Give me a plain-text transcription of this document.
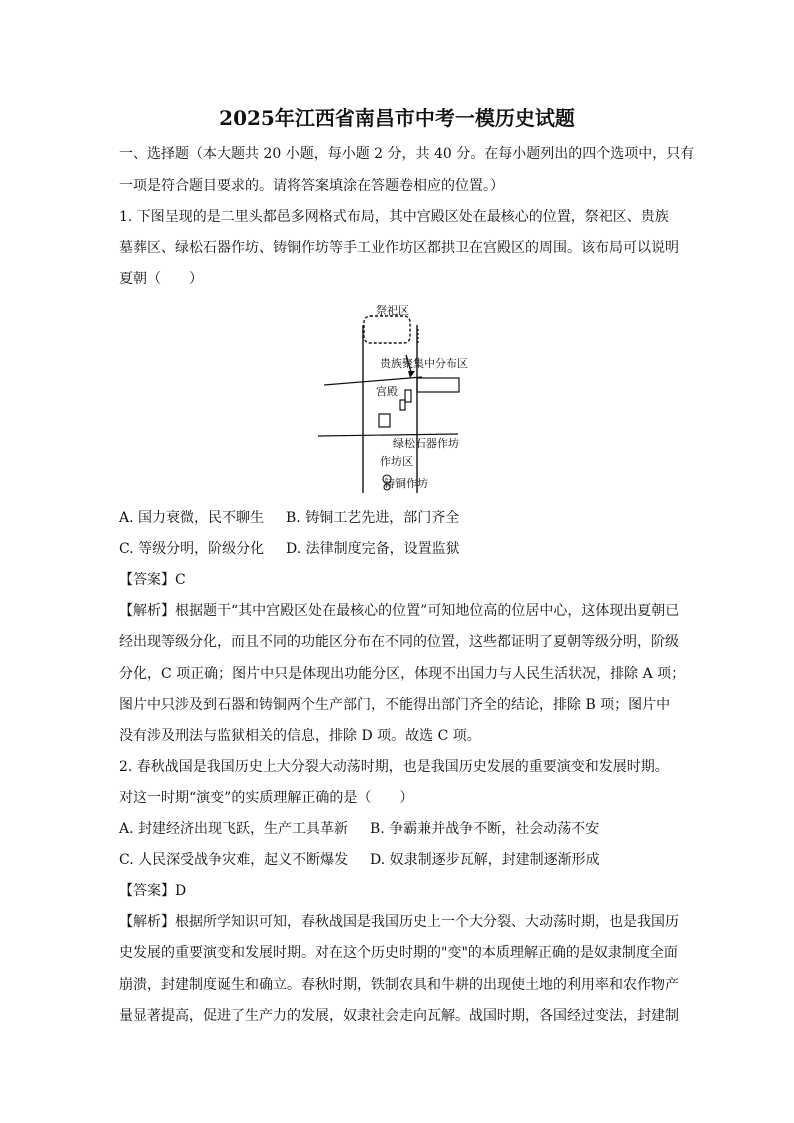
2025年江西省南昌市中考一模历史试题
一、选择题（本大题共 20 小题，每小题 2 分，共 40 分。在每小题列出的四个选项中，只有
一项是符合题目要求的。请将答案填涂在答题卷相应的位置。）
1. 下图呈现的是二里头都邑多网格式布局，其中宫殿区处在最核心的位置，祭祀区、贵族
墓葬区、绿松石器作坊、铸铜作坊等手工业作坊区都拱卫在宫殿区的周围。该布局可以说明
夏朝（　　）
祭祀区
贵族聚集中分布区
宫殿
绿松石器作坊
作坊区
铸铜作坊
A. 国力衰微，民不聊生 B. 铸铜工艺先进，部门齐全
C. 等级分明，阶级分化 D. 法律制度完备，设置监狱
【答案】C
【解析】根据题干“其中宫殿区处在最核心的位置”可知地位高的位居中心，这体现出夏朝已
经出现等级分化，而且不同的功能区分布在不同的位置，这些都证明了夏朝等级分明，阶级
分化，C 项正确；图片中只是体现出功能分区，体现不出国力与人民生活状况，排除 A 项；
图片中只涉及到石器和铸铜两个生产部门，不能得出部门齐全的结论，排除 B 项；图片中
没有涉及刑法与监狱相关的信息，排除 D 项。故选 C 项。
2. 春秋战国是我国历史上大分裂大动荡时期，也是我国历史发展的重要演变和发展时期。
对这一时期“演变”的实质理解正确的是（　　）
A. 封建经济出现飞跃，生产工具革新 B. 争霸兼并战争不断，社会动荡不安
C. 人民深受战争灾难，起义不断爆发 D. 奴隶制逐步瓦解，封建制逐渐形成
【答案】D
【解析】根据所学知识可知，春秋战国是我国历史上一个大分裂、大动荡时期，也是我国历
史发展的重要演变和发展时期。对在这个历史时期的"变"的本质理解正确的是奴隶制度全面
崩溃，封建制度诞生和确立。春秋时期，铁制农具和牛耕的出现使土地的利用率和农作物产
量显著提高，促进了生产力的发展，奴隶社会走向瓦解。战国时期，各国经过变法，封建制
